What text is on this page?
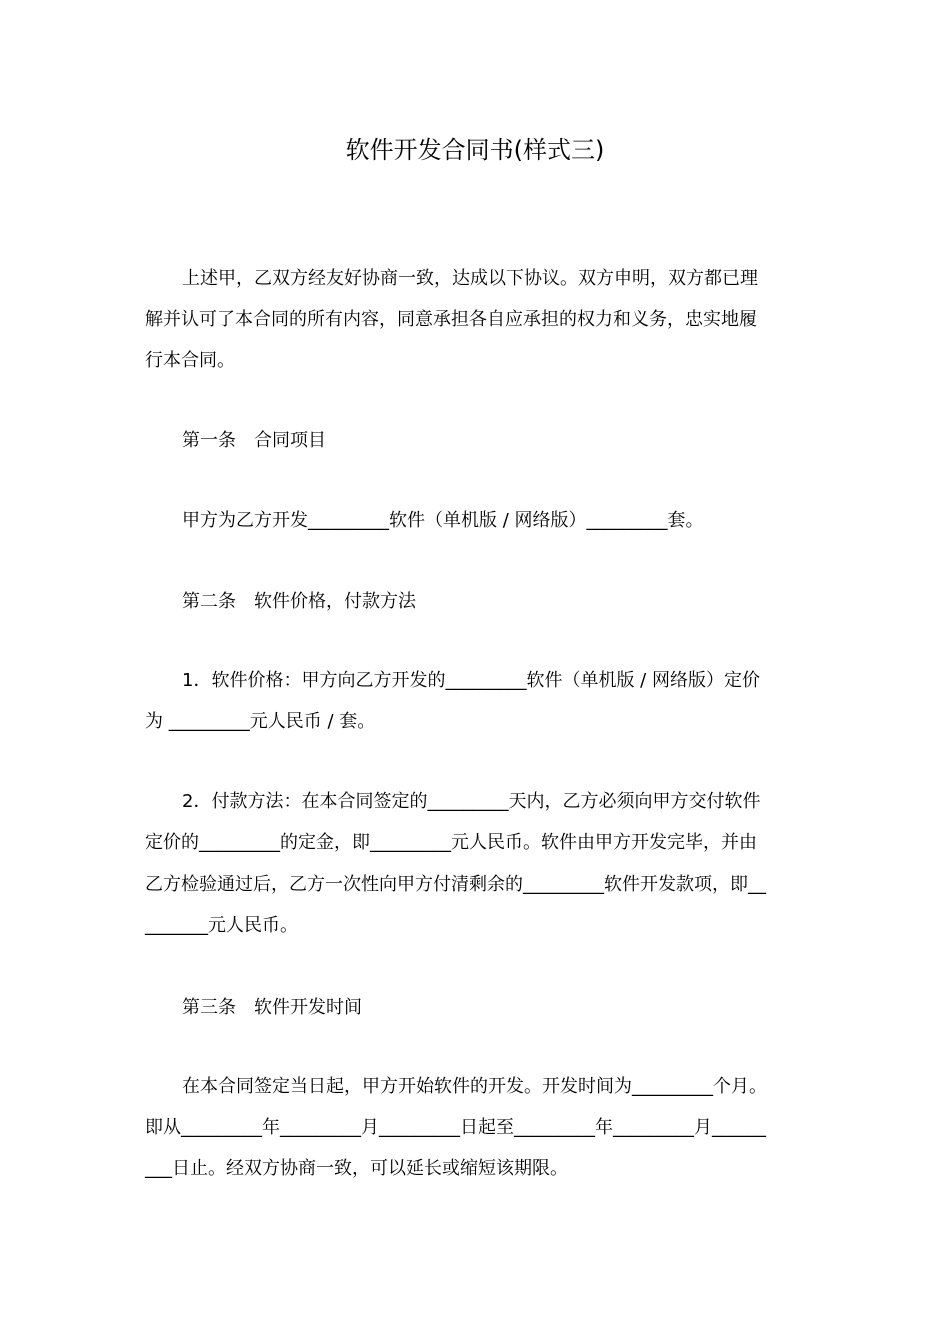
软件开发合同书(样式三)
上述甲，乙双方经友好协商一致，达成以下协议。双方申明，双方都已理
解并认可了本合同的所有内容，同意承担各自应承担的权力和义务，忠实地履
行本合同。
第一条　合同项目
甲方为乙方开发_________软件（单机版 / 网络版）_________套。
第二条　软件价格，付款方法
1．软件价格：甲方向乙方开发的_________软件（单机版 / 网络版）定价
为 _________元人民币 / 套。
2．付款方法：在本合同签定的_________天内，乙方必须向甲方交付软件
定价的_________的定金，即_________元人民币。软件由甲方开发完毕，并由
乙方检验通过后，乙方一次性向甲方付清剩余的_________软件开发款项，即__
_______元人民币。
第三条　软件开发时间
在本合同签定当日起，甲方开始软件的开发。开发时间为_________个月。
即从_________年_________月_________日起至_________年_________月______
___日止。经双方协商一致，可以延长或缩短该期限。
